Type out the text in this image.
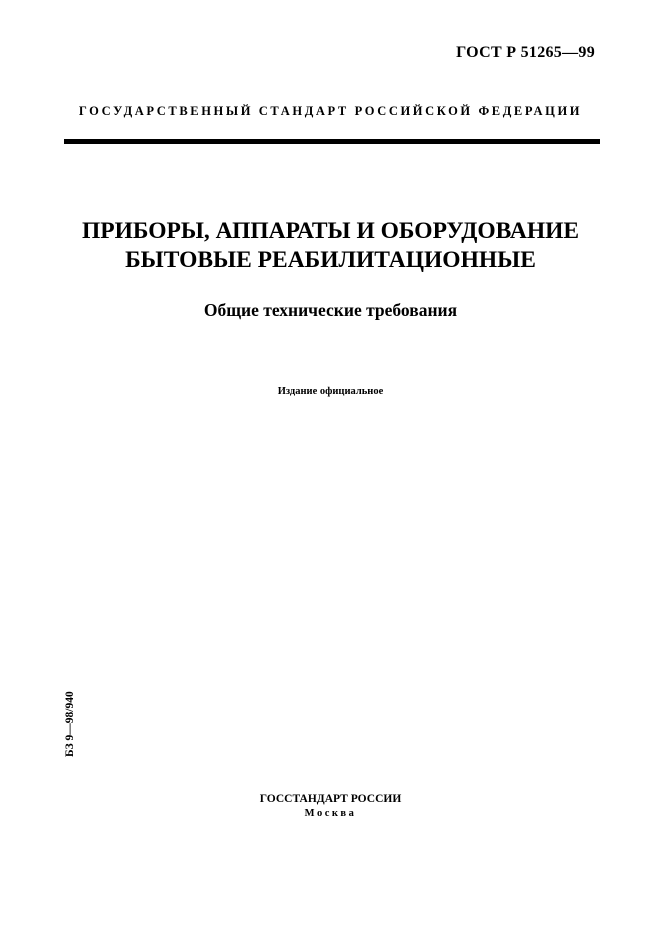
ГОСТ Р 51265—99
ГОСУДАРСТВЕННЫЙ СТАНДАРТ РОССИЙСКОЙ ФЕДЕРАЦИИ
ПРИБОРЫ, АППАРАТЫ И ОБОРУДОВАНИЕ
БЫТОВЫЕ РЕАБИЛИТАЦИОННЫЕ
Общие технические требования
Издание официальное
БЗ 9—98/940
ГОССТАНДАРТ РОССИИ
Москва
